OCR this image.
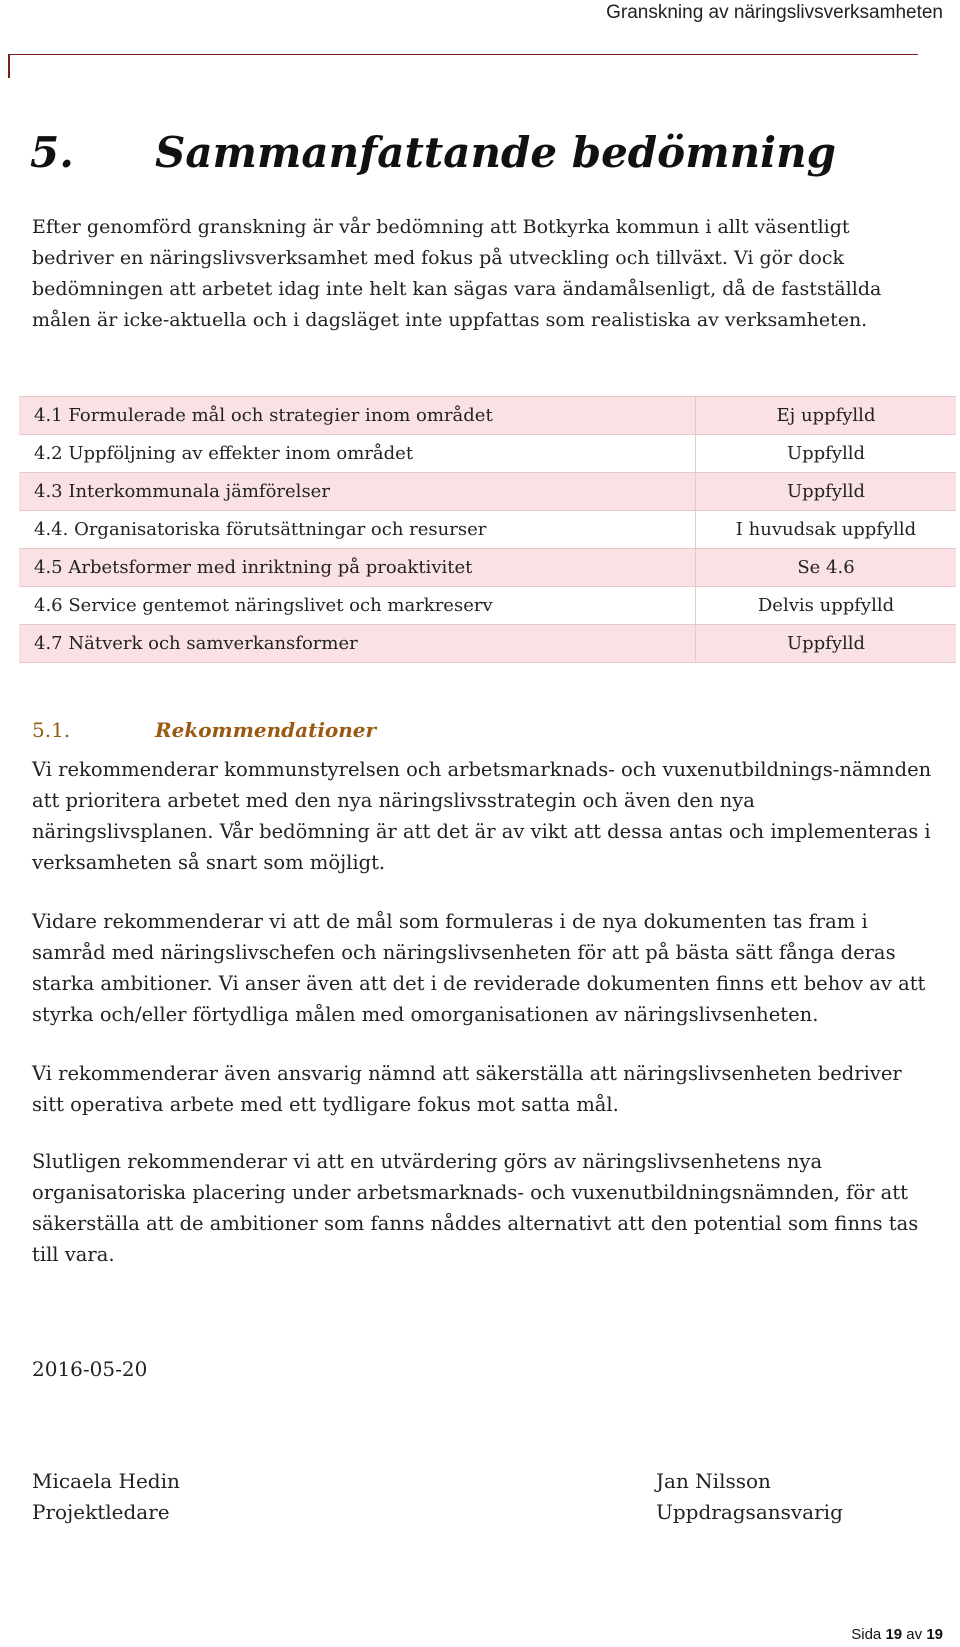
Granskning av näringslivsverksamheten
5. Sammanfattande bedömning
Efter genomförd granskning är vår bedömning att Botkyrka kommun i allt väsentligt bedriver en näringslivsverksamhet med fokus på utveckling och tillväxt. Vi gör dock bedömningen att arbetet idag inte helt kan sägas vara ändamålsenligt, då de fastställda målen är icke-aktuella och i dagsläget inte uppfattas som realistiska av verksamheten.
4.1 Formulerade mål och strategier inom området	Ej uppfylld
4.2 Uppföljning av effekter inom området	Uppfylld
4.3 Interkommunala jämförelser	Uppfylld
4.4. Organisatoriska förutsättningar och resurser	I huvudsak uppfylld
4.5 Arbetsformer med inriktning på proaktivitet	Se 4.6
4.6 Service gentemot näringslivet och markreserv	Delvis uppfylld
4.7 Nätverk och samverkansformer	Uppfylld
5.1.	Rekommendationer
Vi rekommenderar kommunstyrelsen och arbetsmarknads- och vuxenutbildnings-nämnden att prioritera arbetet med den nya näringslivsstrategin och även den nya näringslivsplanen. Vår bedömning är att det är av vikt att dessa antas och implementeras i verksamheten så snart som möjligt.
Vidare rekommenderar vi att de mål som formuleras i de nya dokumenten tas fram i samråd med näringslivschefen och näringslivsenheten för att på bästa sätt fånga deras starka ambitioner. Vi anser även att det i de reviderade dokumenten finns ett behov av att styrka och/eller förtydliga målen med omorganisationen av näringslivsenheten.
Vi rekommenderar även ansvarig nämnd att säkerställa att näringslivsenheten bedriver sitt operativa arbete med ett tydligare fokus mot satta mål.
Slutligen rekommenderar vi att en utvärdering görs av näringslivsenhetens nya organisatoriska placering under arbetsmarknads- och vuxenutbildningsnämnden, för att säkerställa att de ambitioner som fanns nåddes alternativt att den potential som finns tas till vara.
2016-05-20
Micaela Hedin
Projektledare
Jan Nilsson
Uppdragsansvarig
Sida 19 av 19
